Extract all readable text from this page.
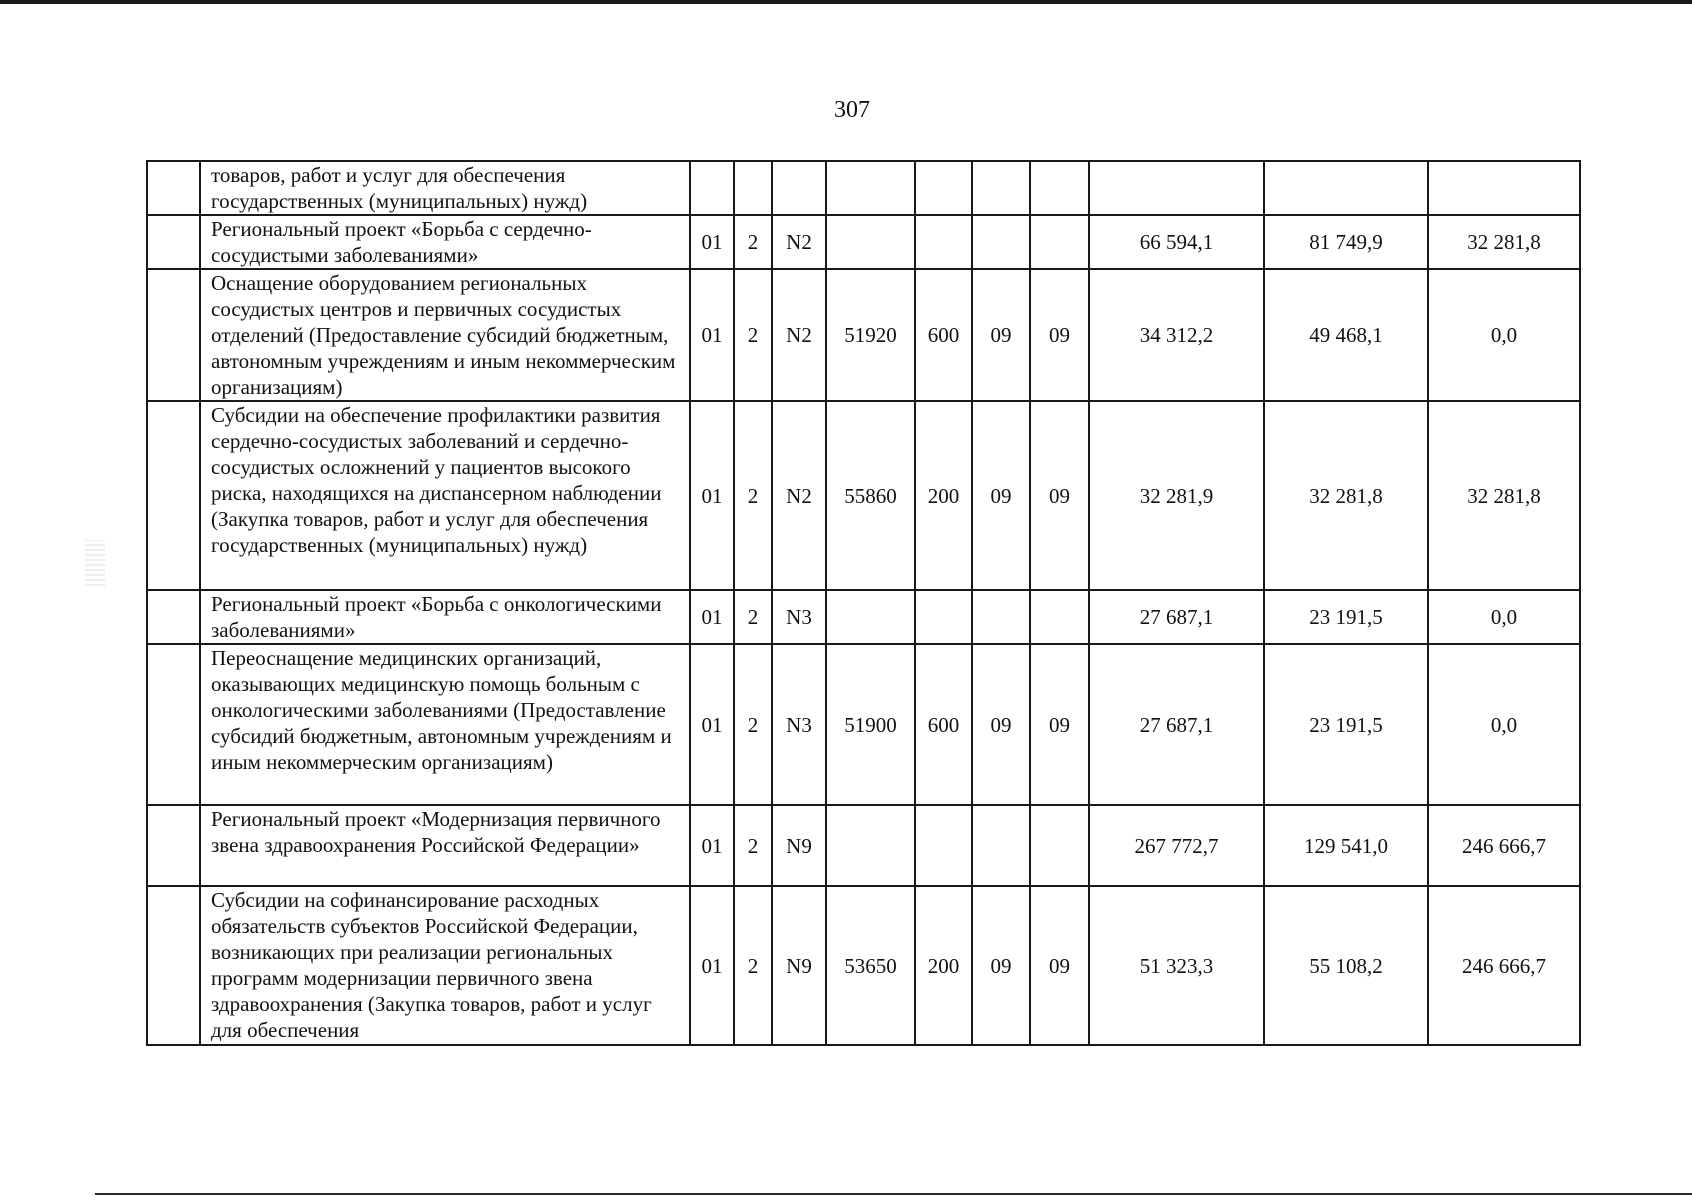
307
	товаров, работ и услуг для обеспечения государственных (муниципальных) нужд)										
	Региональный проект «Борьба с сердечно-сосудистыми заболеваниями»	01	2	N2					66 594,1	81 749,9	32 281,8
	Оснащение оборудованием региональных сосудистых центров и первичных сосудистых отделений (Предоставление субсидий бюджетным, автономным учреждениям и иным некоммерческим организациям)	01	2	N2	51920	600	09	09	34 312,2	49 468,1	0,0
	Субсидии на обеспечение профилактики развития сердечно-сосудистых заболеваний и сердечно-сосудистых осложнений у пациентов высокого риска, находящихся на диспансерном наблюдении (Закупка товаров, работ и услуг для обеспечения государственных (муниципальных) нужд)	01	2	N2	55860	200	09	09	32 281,9	32 281,8	32 281,8
	Региональный проект «Борьба с онкологическими заболеваниями»	01	2	N3					27 687,1	23 191,5	0,0
	Переоснащение медицинских организаций, оказывающих медицинскую помощь больным с онкологическими заболеваниями (Предоставление субсидий бюджетным, автономным учреждениям и иным некоммерческим организациям)	01	2	N3	51900	600	09	09	27 687,1	23 191,5	0,0
	Региональный проект «Модернизация первичного звена здравоохранения Российской Федерации»	01	2	N9					267 772,7	129 541,0	246 666,7
	Субсидии на софинансирование расходных обязательств субъектов Российской Федерации, возникающих при реализации региональных программ модернизации первичного звена здравоохранения (Закупка товаров, работ и услуг для обеспечения	01	2	N9	53650	200	09	09	51 323,3	55 108,2	246 666,7
